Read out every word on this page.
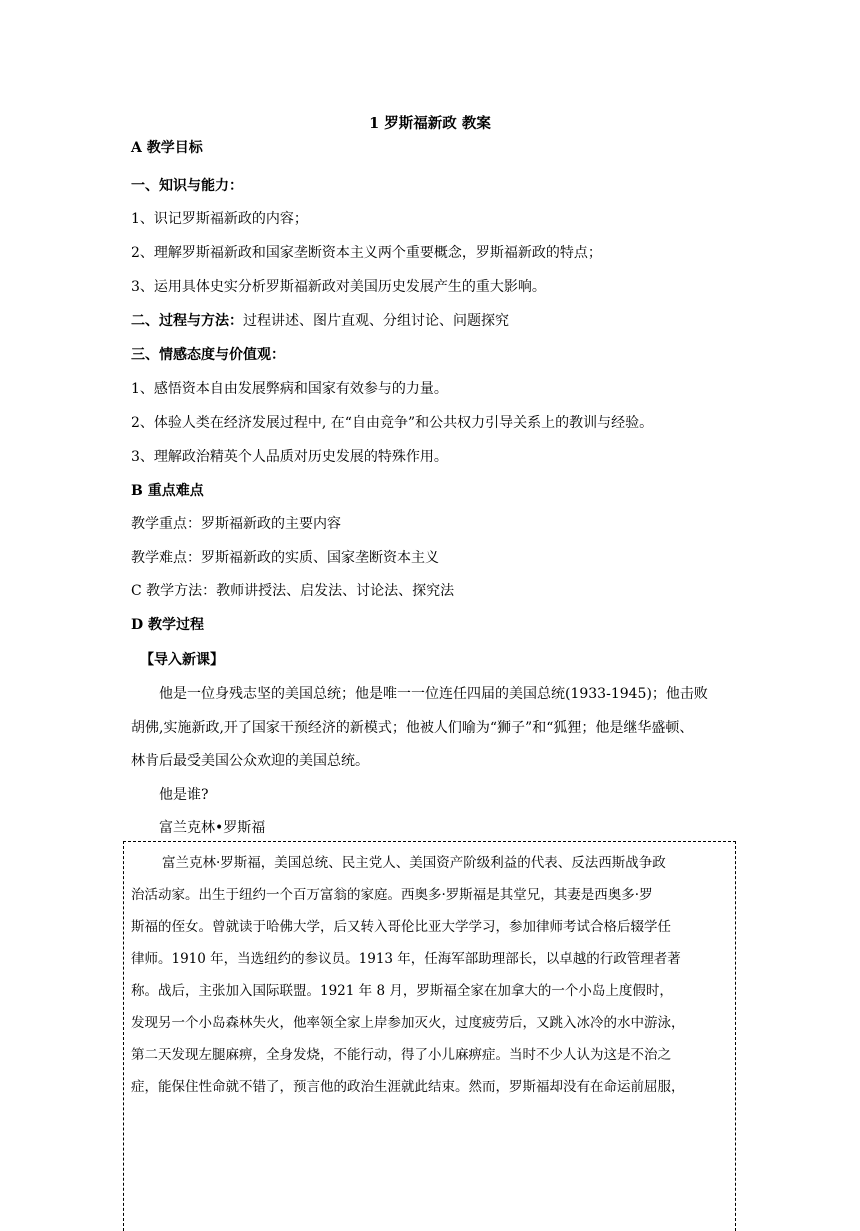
1 罗斯福新政 教案
A 教学目标
一、知识与能力：
1、识记罗斯福新政的内容；
2、理解罗斯福新政和国家垄断资本主义两个重要概念，罗斯福新政的特点；
3、运用具体史实分析罗斯福新政对美国历史发展产生的重大影响。
二、过程与方法：过程讲述、图片直观、分组讨论、问题探究
三、情感态度与价值观：
1、感悟资本自由发展弊病和国家有效参与的力量。
2、体验人类在经济发展过程中, 在“自由竞争”和公共权力引导关系上的教训与经验。
3、理解政治精英个人品质对历史发展的特殊作用。
B 重点难点
教学重点：罗斯福新政的主要内容
教学难点：罗斯福新政的实质、国家垄断资本主义
C 教学方法：教师讲授法、启发法、讨论法、探究法
D 教学过程
【导入新课】
他是一位身残志坚的美国总统；他是唯一一位连任四届的美国总统(1933-1945)；他击败
胡佛,实施新政,开了国家干预经济的新模式；他被人们喻为“狮子”和“狐狸；他是继华盛顿、
林肯后最受美国公众欢迎的美国总统。
他是谁?
富兰克林•罗斯福
富兰克林·罗斯福，美国总统、民主党人、美国资产阶级利益的代表、反法西斯战争政
治活动家。出生于纽约一个百万富翁的家庭。西奥多·罗斯福是其堂兄，其妻是西奥多·罗
斯福的侄女。曾就读于哈佛大学，后又转入哥伦比亚大学学习，参加律师考试合格后辍学任
律师。1910 年，当选纽约的参议员。1913 年，任海军部助理部长，以卓越的行政管理者著
称。战后，主张加入国际联盟。1921 年 8 月，罗斯福全家在加拿大的一个小岛上度假时，
发现另一个小岛森林失火，他率领全家上岸参加灭火，过度疲劳后，又跳入冰冷的水中游泳，
第二天发现左腿麻痹，全身发烧，不能行动，得了小儿麻痹症。当时不少人认为这是不治之
症，能保住性命就不错了，预言他的政治生涯就此结束。然而，罗斯福却没有在命运前屈服，
